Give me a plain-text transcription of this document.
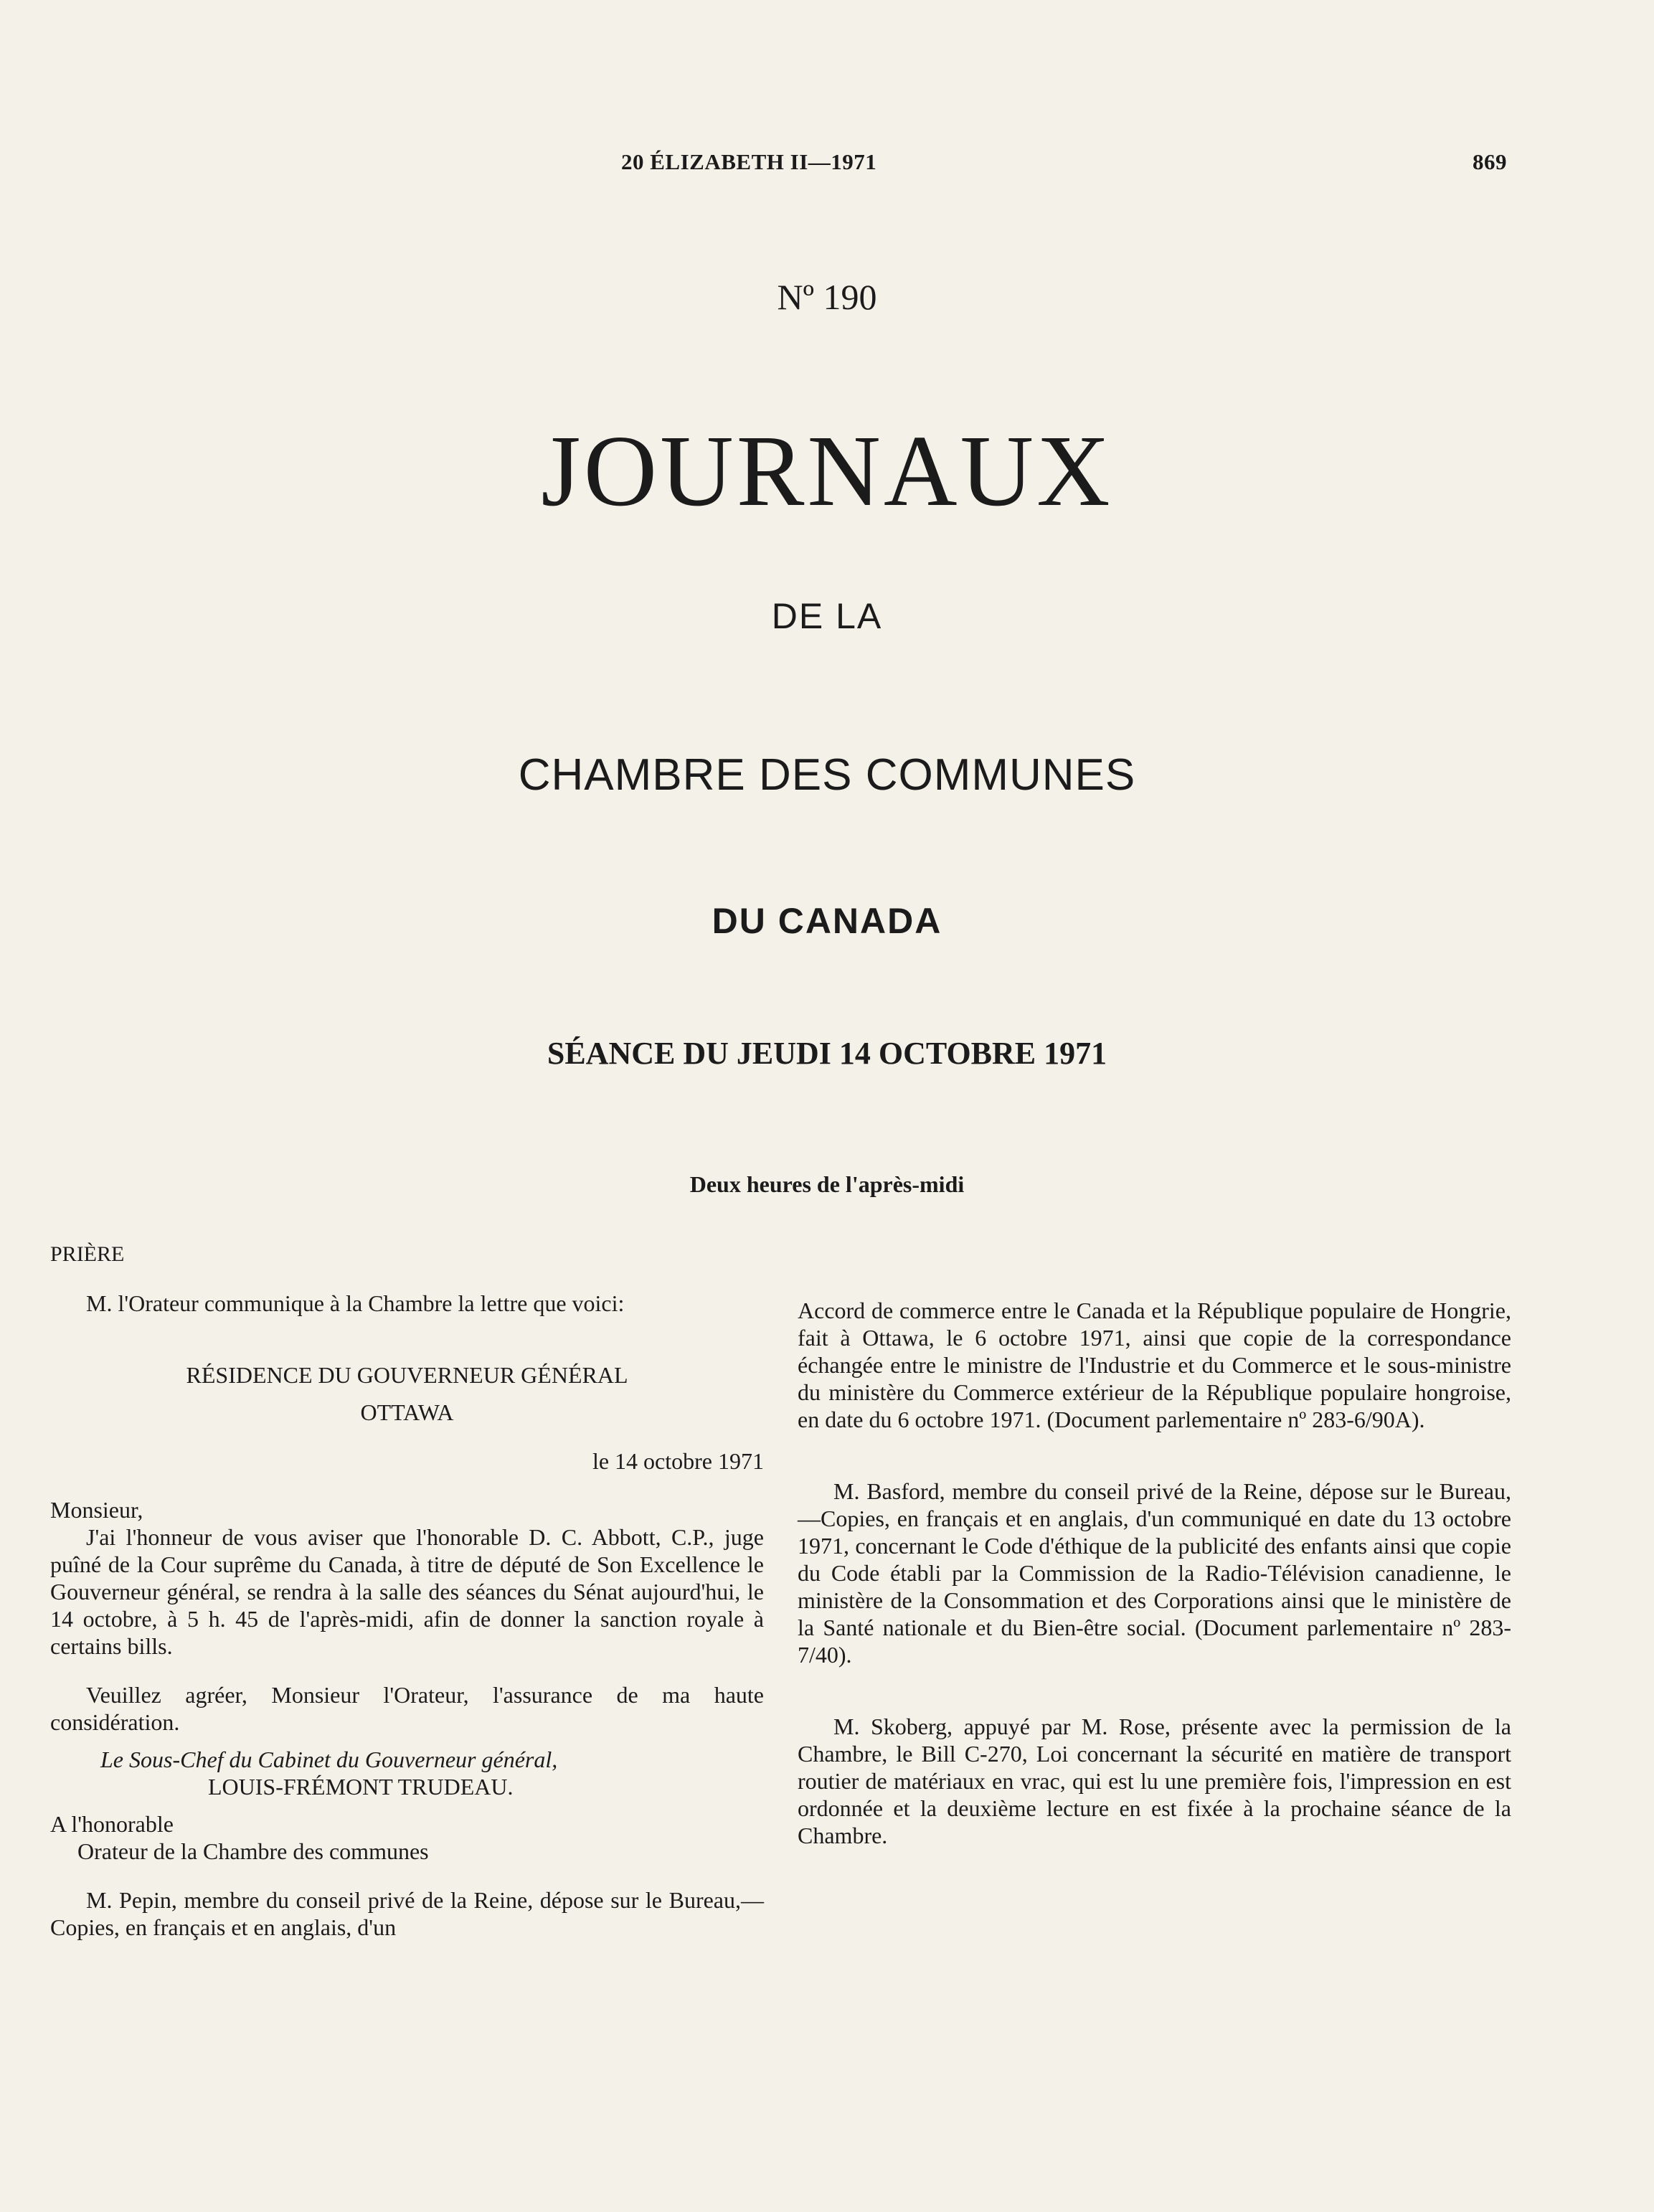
20 ÉLIZABETH II—1971	869
Nº 190
JOURNAUX
DE LA
CHAMBRE DES COMMUNES
DU CANADA
SÉANCE DU JEUDI 14 OCTOBRE 1971
Deux heures de l'après-midi

PRIÈRE

M. l'Orateur communique à la Chambre la lettre que voici:

RÉSIDENCE DU GOUVERNEUR GÉNÉRAL

OTTAWA

le 14 octobre 1971

Monsieur,

J'ai l'honneur de vous aviser que l'honorable D. C. Abbott, C.P., juge puîné de la Cour suprême du Canada, à titre de député de Son Excellence le Gouverneur général, se rendra à la salle des séances du Sénat aujourd'hui, le 14 octobre, à 5 h. 45 de l'après-midi, afin de donner la sanction royale à certains bills.

Veuillez agréer, Monsieur l'Orateur, l'assurance de ma haute considération.

Le Sous-Chef du Cabinet du Gouverneur général,

LOUIS-FRÉMONT TRUDEAU.

A l'honorable

Orateur de la Chambre des communes

M. Pepin, membre du conseil privé de la Reine, dépose sur le Bureau,—Copies, en français et en anglais, d'un

Accord de commerce entre le Canada et la République populaire de Hongrie, fait à Ottawa, le 6 octobre 1971, ainsi que copie de la correspondance échangée entre le ministre de l'Industrie et du Commerce et le sous-ministre du ministère du Commerce extérieur de la République populaire hongroise, en date du 6 octobre 1971. (Document parlementaire nº 283-6/90A).

M. Basford, membre du conseil privé de la Reine, dépose sur le Bureau,—Copies, en français et en anglais, d'un communiqué en date du 13 octobre 1971, concernant le Code d'éthique de la publicité des enfants ainsi que copie du Code établi par la Commission de la Radio-Télévision canadienne, le ministère de la Consommation et des Corporations ainsi que le ministère de la Santé nationale et du Bien-être social. (Document parlementaire nº 283-7/40).

M. Skoberg, appuyé par M. Rose, présente avec la permission de la Chambre, le Bill C-270, Loi concernant la sécurité en matière de transport routier de matériaux en vrac, qui est lu une première fois, l'impression en est ordonnée et la deuxième lecture en est fixée à la prochaine séance de la Chambre.
